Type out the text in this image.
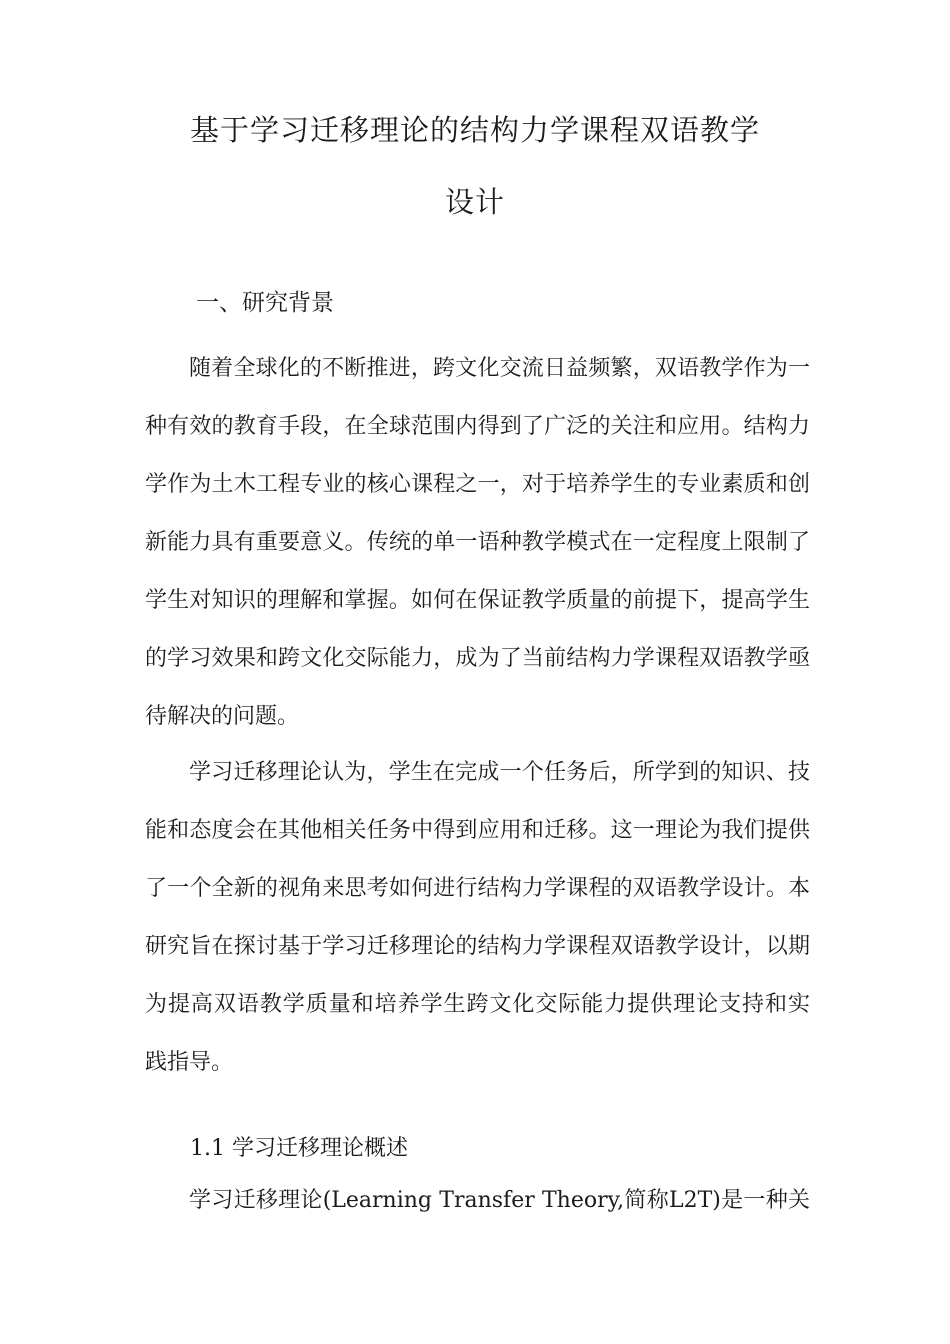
基于学习迁移理论的结构力学课程双语教学
设计
一、研究背景
随着全球化的不断推进，跨文化交流日益频繁，双语教学作为一
种有效的教育手段，在全球范围内得到了广泛的关注和应用。结构力
学作为土木工程专业的核心课程之一，对于培养学生的专业素质和创
新能力具有重要意义。传统的单一语种教学模式在一定程度上限制了
学生对知识的理解和掌握。如何在保证教学质量的前提下，提高学生
的学习效果和跨文化交际能力，成为了当前结构力学课程双语教学亟
待解决的问题。
学习迁移理论认为，学生在完成一个任务后，所学到的知识、技
能和态度会在其他相关任务中得到应用和迁移。这一理论为我们提供
了一个全新的视角来思考如何进行结构力学课程的双语教学设计。本
研究旨在探讨基于学习迁移理论的结构力学课程双语教学设计，以期
为提高双语教学质量和培养学生跨文化交际能力提供理论支持和实
践指导。
1.1 学习迁移理论概述
学习迁移理论(Learning Transfer Theory,简称L2T)是一种关
